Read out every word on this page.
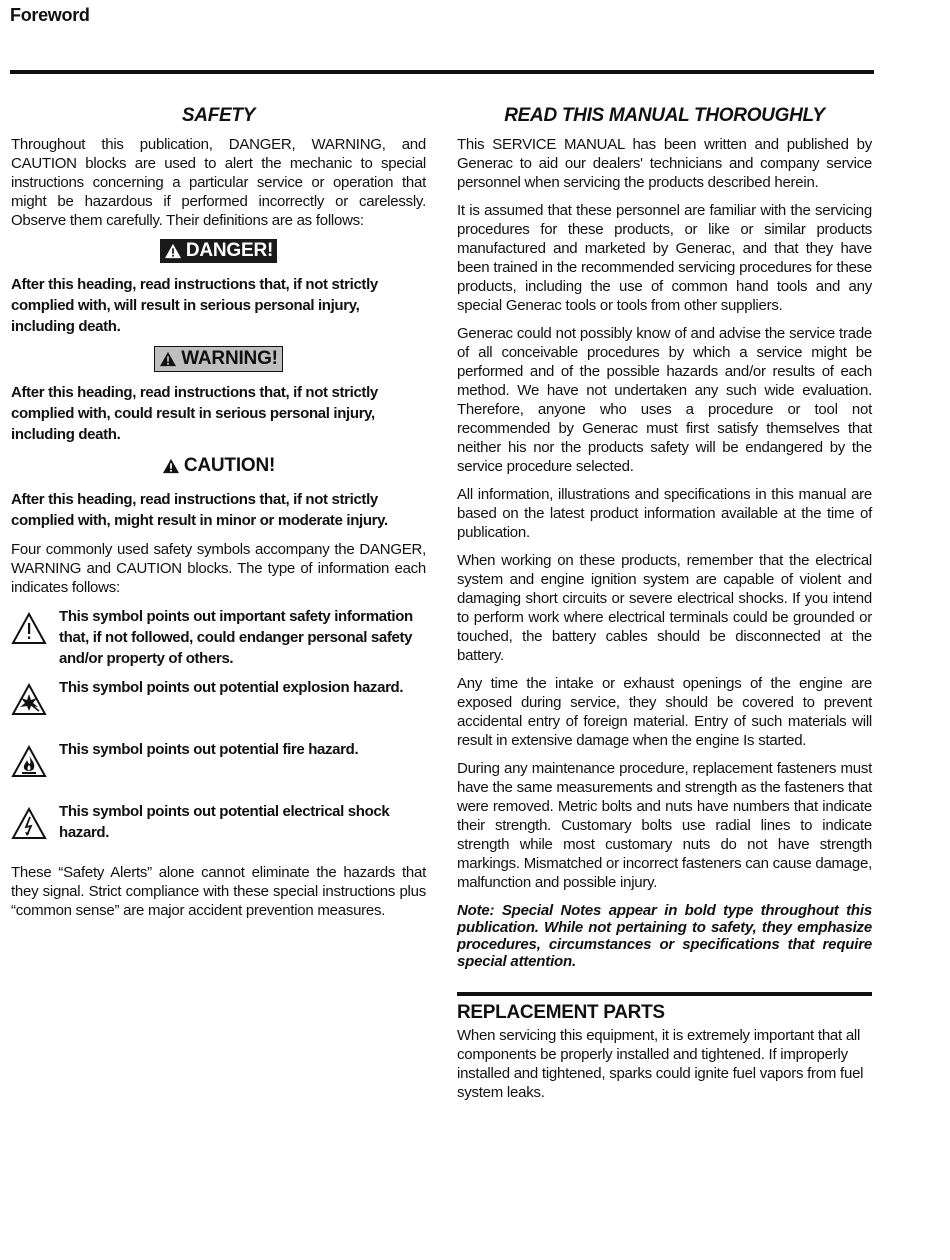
Foreword
SAFETY

Throughout this publication, DANGER, WARNING, and CAUTION blocks are used to alert the mechanic to special instructions concerning a particular service or operation that might be hazardous if performed incorrectly or carelessly. Observe them carefully. Their definitions are as follows:

DANGER!

After this heading, read instructions that, if not strictly complied with, will result in serious personal injury, including death.

WARNING!

After this heading, read instructions that, if not strictly complied with, could result in serious personal injury, including death.

CAUTION!

After this heading, read instructions that, if not strictly complied with, might result in minor or moderate injury.

Four commonly used safety symbols accompany the DANGER, WARNING and CAUTION blocks. The type of information each indicates follows:

This symbol points out important safety information that, if not followed, could endanger personal safety and/or property of others.
This symbol points out potential explosion hazard.
This symbol points out potential fire hazard.
This symbol points out potential electrical shock hazard.

These “Safety Alerts” alone cannot eliminate the hazards that they signal. Strict compliance with these special instructions plus “common sense” are major accident prevention measures.

READ THIS MANUAL THOROUGHLY

This SERVICE MANUAL has been written and published by Generac to aid our dealers' technicians and company service personnel when servicing the products described herein.

It is assumed that these personnel are familiar with the servicing procedures for these products, or like or similar products manufactured and marketed by Generac, and that they have been trained in the recommended servicing procedures for these products, including the use of common hand tools and any special Generac tools or tools from other suppliers.

Generac could not possibly know of and advise the service trade of all conceivable procedures by which a service might be performed and of the possible hazards and/or results of each method. We have not undertaken any such wide evaluation. Therefore, anyone who uses a procedure or tool not recommended by Generac must first satisfy themselves that neither his nor the products safety will be endangered by the service procedure selected.

All information, illustrations and specifications in this manual are based on the latest product information available at the time of publication.

When working on these products, remember that the electrical system and engine ignition system are capable of violent and damaging short circuits or severe electrical shocks. If you intend to perform work where electrical terminals could be grounded or touched, the battery cables should be disconnected at the battery.

Any time the intake or exhaust openings of the engine are exposed during service, they should be covered to prevent accidental entry of foreign material. Entry of such materials will result in extensive damage when the engine Is started.

During any maintenance procedure, replacement fasteners must have the same measurements and strength as the fasteners that were removed. Metric bolts and nuts have numbers that indicate their strength. Customary bolts use radial lines to indicate strength while most customary nuts do not have strength markings. Mismatched or incorrect fasteners can cause damage, malfunction and possible injury.

Note: Special Notes appear in bold type throughout this publication. While not pertaining to safety, they emphasize procedures, circumstances or specifications that require special attention.

REPLACEMENT PARTS

When servicing this equipment, it is extremely important that all components be properly installed and tightened. If improperly installed and tightened, sparks could ignite fuel vapors from fuel system leaks.
